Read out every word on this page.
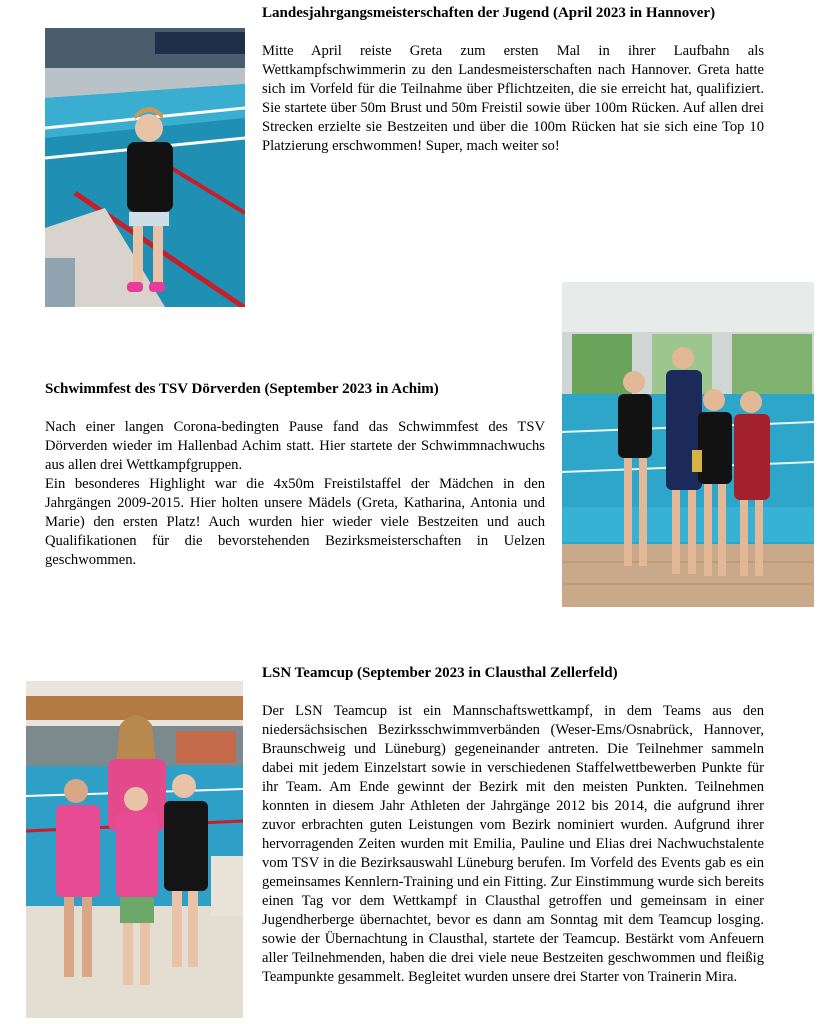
Landesjahrgangsmeisterschaften der Jugend (April 2023 in Hannover)

Mitte April reiste Greta zum ersten Mal in ihrer Laufbahn als Wettkampfschwimmerin zu den Landesmeisterschaften nach Hannover. Greta hatte sich im Vorfeld für die Teilnahme über Pflichtzeiten, die sie erreicht hat, qualifiziert. Sie startete über 50m Brust und 50m Freistil sowie über 100m Rücken. Auf allen drei Strecken erzielte sie Bestzeiten und über die 100m Rücken hat sie sich eine Top 10 Platzierung erschwommen! Super, mach weiter so!

Schwimmfest des TSV Dörverden (September 2023 in Achim)

Nach einer langen Corona-bedingten Pause fand das Schwimmfest des TSV Dörverden wieder im Hallenbad Achim statt. Hier startete der Schwimmnachwuchs aus allen drei Wettkampfgruppen.

Ein besonderes Highlight war die 4x50m Freistilstaffel der Mädchen in den Jahrgängen 2009-2015. Hier holten unsere Mädels (Greta, Katharina, Antonia und Marie) den ersten Platz! Auch wurden hier wieder viele Bestzeiten und auch Qualifikationen für die bevorstehenden Bezirksmeisterschaften in Uelzen geschwommen.

LSN Teamcup (September 2023 in Clausthal Zellerfeld)

Der LSN Teamcup ist ein Mannschaftswettkampf, in dem Teams aus den niedersächsischen Bezirksschwimmverbänden (Weser-Ems/Osnabrück, Hannover, Braunschweig und Lüneburg) gegeneinander antreten. Die Teilnehmer sammeln dabei mit jedem Einzelstart sowie in verschiedenen Staffelwettbewerben Punkte für ihr Team. Am Ende gewinnt der Bezirk mit den meisten Punkten. Teilnehmen konnten in diesem Jahr Athleten der Jahrgänge 2012 bis 2014, die aufgrund ihrer zuvor erbrachten guten Leistungen vom Bezirk nominiert wurden. Aufgrund ihrer hervorragenden Zeiten wurden mit Emilia, Pauline und Elias drei Nachwuchstalente vom TSV in die Bezirksauswahl Lüneburg berufen. Im Vorfeld des Events gab es ein gemeinsames Kennlern-Training und ein Fitting. Zur Einstimmung wurde sich bereits einen Tag vor dem Wettkampf in Clausthal getroffen und gemeinsam in einer Jugendherberge übernachtet, bevor es dann am Sonntag mit dem Teamcup losging. sowie der Übernachtung in Clausthal, startete der Teamcup. Bestärkt vom Anfeuern aller Teilnehmenden, haben die drei viele neue Bestzeiten geschwommen und fleißig Teampunkte gesammelt. Begleitet wurden unsere drei Starter von Trainerin Mira.
